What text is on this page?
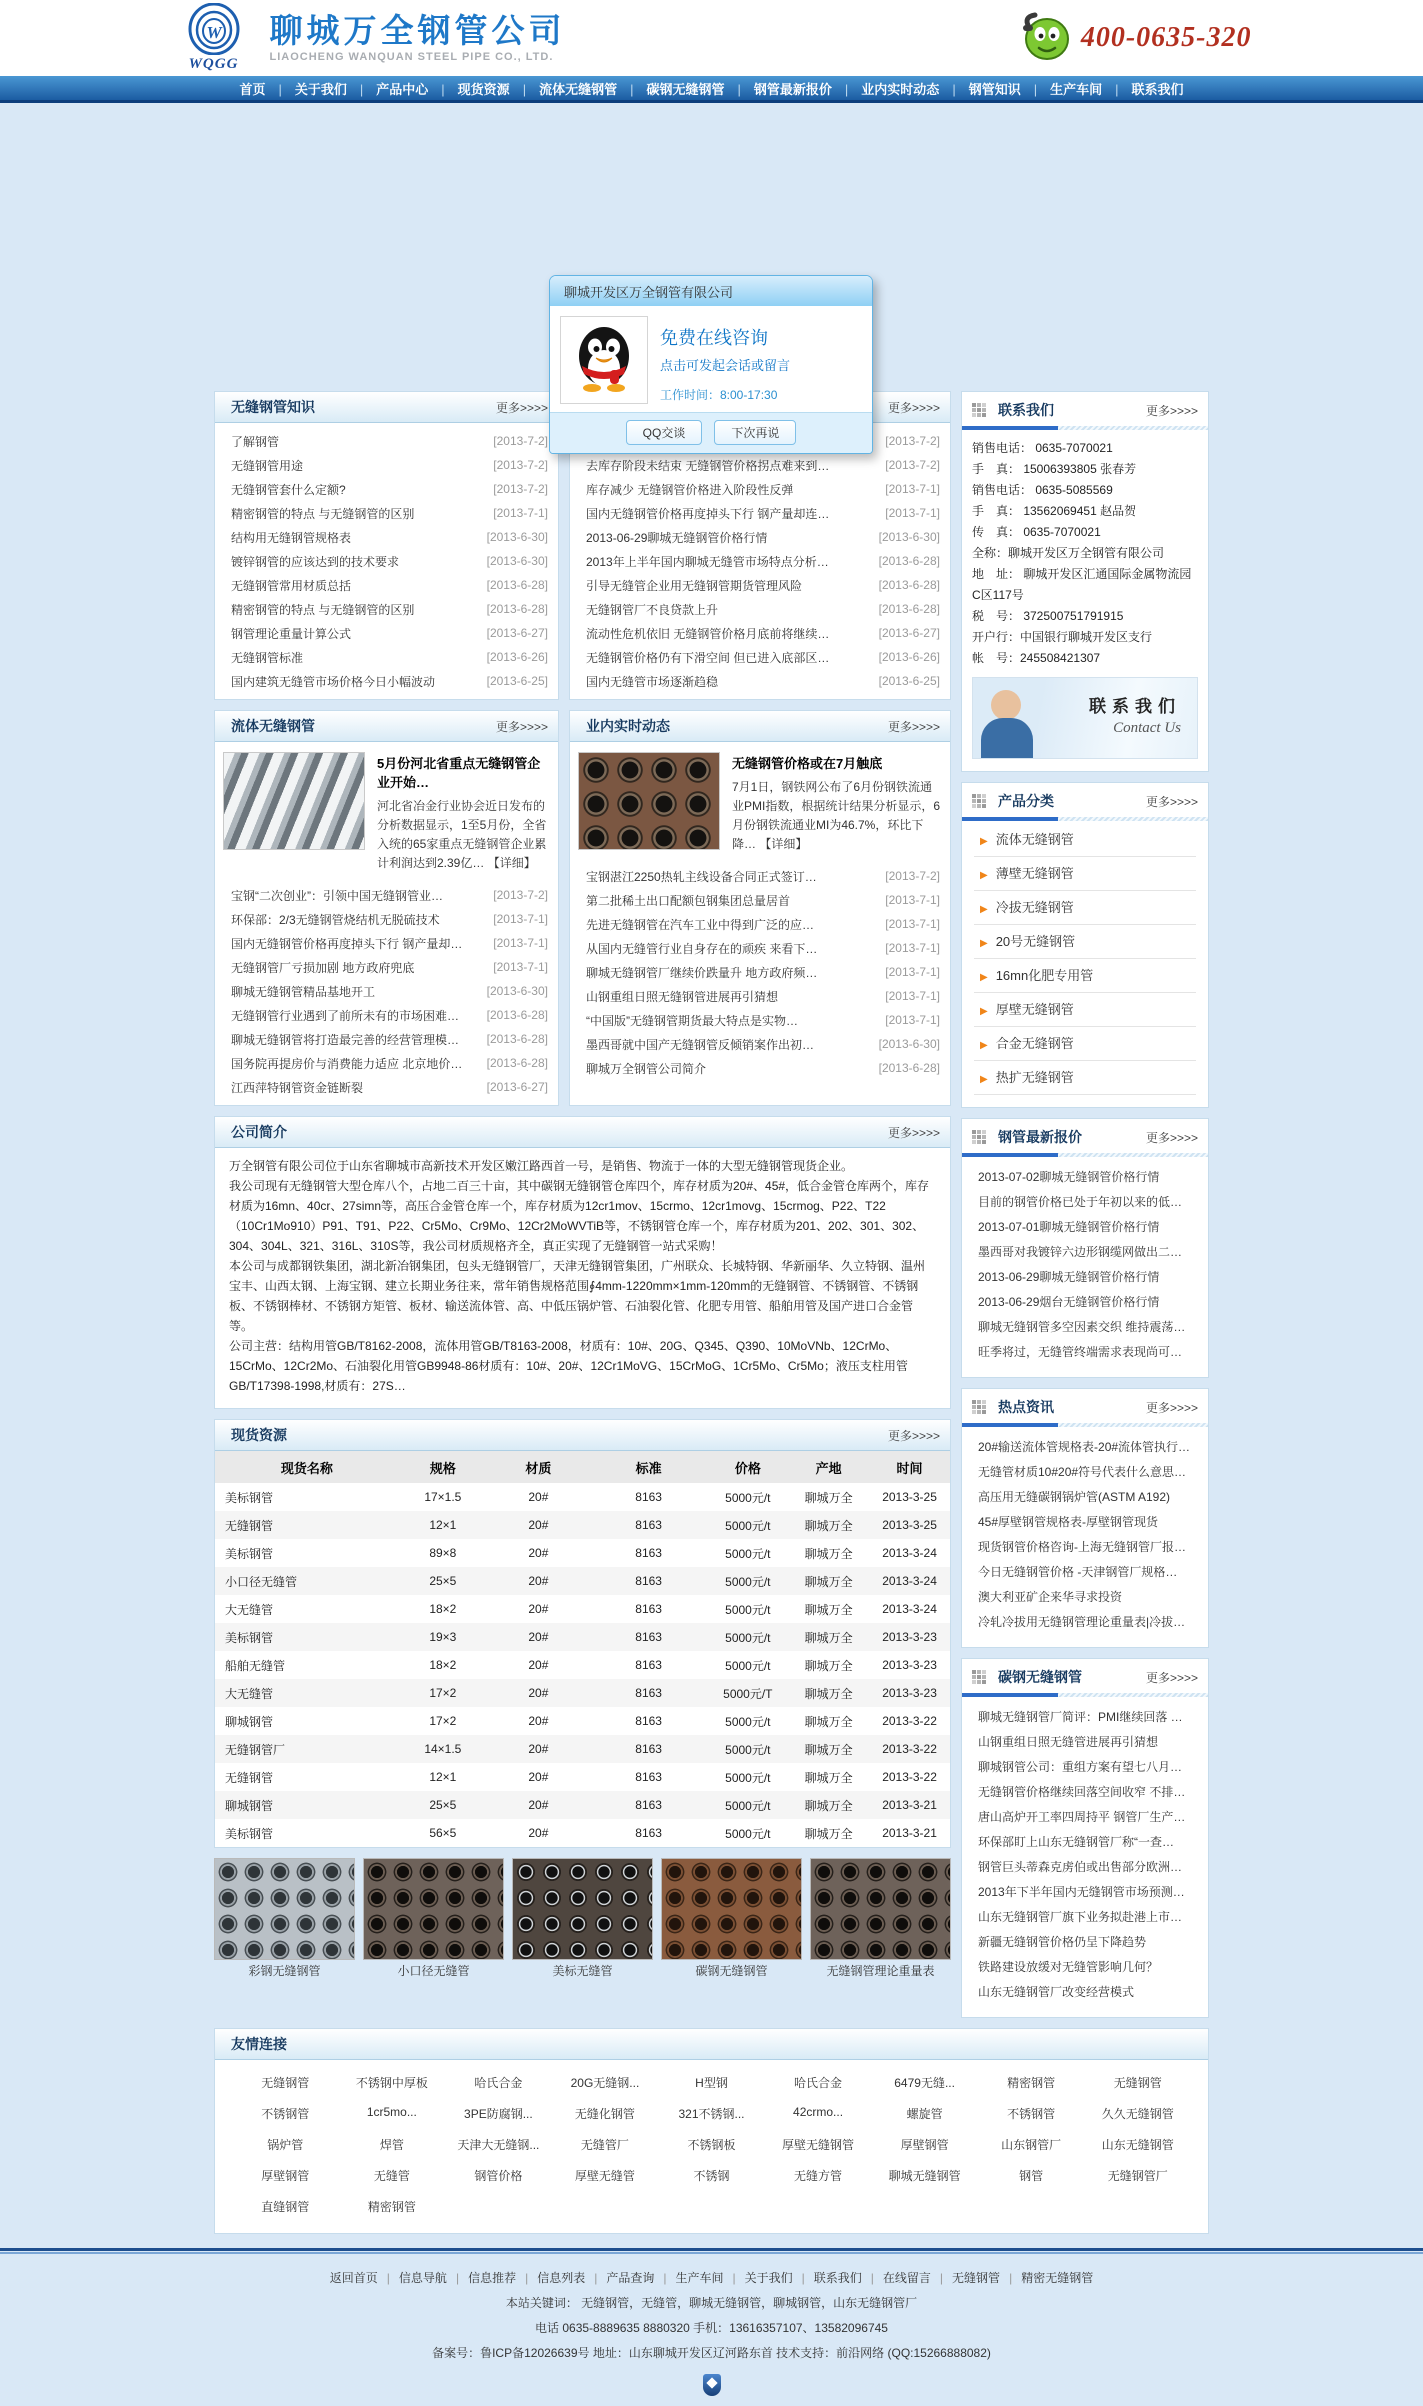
W
WQGG
聊城万全钢管公司
LIAOCHENG WANQUAN STEEL PIPE CO., LTD.
400-0635-320
首页	| 关于我们	| 产品中心	| 现货资源	| 流体无缝钢管	| 碳钢无缝钢管	| 钢管最新报价	| 业内实时动态	| 钢管知识	| 生产车间	| 联系我们
无缝钢管知识	更多>>>>
了解钢管	[2013-7-2]
无缝钢管用途	[2013-7-2]
无缝钢管套什么定额?	[2013-7-2]
精密钢管的特点 与无缝钢管的区别	[2013-7-1]
结构用无缝钢管规格表	[2013-6-30]
镀锌钢管的应该达到的技术要求	[2013-6-30]
无缝钢管常用材质总括	[2013-6-28]
精密钢管的特点 与无缝钢管的区别	[2013-6-28]
钢管理论重量计算公式	[2013-6-27]
无缝钢管标准	[2013-6-26]
国内建筑无缝管市场价格今日小幅波动	[2013-6-25]
更多>>>>
[2013-7-2]
去库存阶段未结束 无缝钢管价格拐点难来到…	[2013-7-2]
库存减少 无缝钢管价格进入阶段性反弹	[2013-7-1]
国内无缝钢管价格再度掉头下行 钢产量却连…	[2013-7-1]
2013-06-29聊城无缝钢管价格行情	[2013-6-30]
2013年上半年国内聊城无缝管市场特点分析…	[2013-6-28]
引导无缝管企业用无缝钢管期货管理风险	[2013-6-28]
无缝钢管厂不良贷款上升	[2013-6-28]
流动性危机依旧 无缝钢管价格月底前将继续…	[2013-6-27]
无缝钢管价格仍有下滑空间 但已进入底部区…	[2013-6-26]
国内无缝管市场逐渐趋稳	[2013-6-25]
流体无缝钢管	更多>>>>
5月份河北省重点无缝钢管企业开始…
河北省冶金行业协会近日发布的分析数据显示，1至5月份，全省入统的65家重点无缝钢管企业累计利润达到2.39亿… 【详细】
宝钢“二次创业”：引领中国无缝钢管业…	[2013-7-2]
环保部：2/3无缝钢管烧结机无脱硫技术	[2013-7-1]
国内无缝钢管价格再度掉头下行 钢产量却…	[2013-7-1]
无缝钢管厂亏损加剧 地方政府兜底	[2013-7-1]
聊城无缝钢管精品基地开工	[2013-6-30]
无缝钢管行业遇到了前所未有的市场困难…	[2013-6-28]
聊城无缝钢管将打造最完善的经营管理模…	[2013-6-28]
国务院再提房价与消费能力适应 北京地价…	[2013-6-28]
江西萍特钢管资金链断裂	[2013-6-27]
业内实时动态	更多>>>>
无缝钢管价格或在7月触底
7月1日，钢铁网公布了6月份钢铁流通业PMI指数，根据统计结果分析显示，6月份钢铁流通业MI为46.7%，环比下降… 【详细】
宝钢湛江2250热轧主线设备合同正式签订…	[2013-7-2]
第二批稀土出口配额包钢集团总量居首	[2013-7-1]
先进无缝钢管在汽车工业中得到广泛的应…	[2013-7-1]
从国内无缝管行业自身存在的顽疾 来看下…	[2013-7-1]
聊城无缝钢管厂继续价跌量升 地方政府频…	[2013-7-1]
山钢重组日照无缝钢管进展再引猜想	[2013-7-1]
“中国版”无缝钢管期货最大特点是实物…	[2013-7-1]
墨西哥就中国产无缝钢管反倾销案作出初…	[2013-6-30]
聊城万全钢管公司简介	[2013-6-28]
公司简介	更多>>>>

万全钢管有限公司位于山东省聊城市高新技术开发区嫩江路西首一号，是销售、物流于一体的大型无缝钢管现货企业。

我公司现有无缝钢管大型仓库八个，占地二百三十亩，其中碳钢无缝钢管仓库四个，库存材质为20#、45#，低合金管仓库两个，库存材质为16mn、40cr、27simn等，高压合金管仓库一个，库存材质为12cr1mov、15crmo、12cr1movg、15crmog、P22、T22（10Cr1Mo910）P91、T91、P22、Cr5Mo、Cr9Mo、12Cr2MoWVTiB等，不锈钢管仓库一个，库存材质为201、202、301、302、304、304L、321、316L、310S等，我公司材质规格齐全，真正实现了无缝钢管一站式采购！

本公司与成都钢铁集团，湖北新冶钢集团，包头无缝钢管厂，天津无缝钢管集团，广州联众、长城特钢、华新丽华、久立特钢、温州宝丰、山西太钢、上海宝钢、建立长期业务往来，常年销售规格范围∮4mm-1220mm×1mm-120mm的无缝钢管、不锈钢管、不锈钢板、不锈钢棒材、不锈钢方矩管、板材、输送流体管、高、中低压锅炉管、石油裂化管、化肥专用管、船舶用管及国产进口合金管等。

公司主营：结构用管GB/T8162-2008，流体用管GB/T8163-2008，材质有：10#、20G、Q345、Q390、10MoVNb、12CrMo、15CrMo、12Cr2Mo、石油裂化用管GB9948-86材质有：10#、20#、12Cr1MoVG、15CrMoG、1Cr5Mo、Cr5Mo；液压支柱用管GB/T17398-1998,材质有：27S…

现货资源	更多>>>>
现货名称	规格	材质	标准	价格	产地	时间
美标钢管	17×1.5	20#	8163	5000元/t	聊城万全	2013-3-25
无缝钢管	12×1	20#	8163	5000元/t	聊城万全	2013-3-25
美标钢管	89×8	20#	8163	5000元/t	聊城万全	2013-3-24
小口径无缝管	25×5	20#	8163	5000元/t	聊城万全	2013-3-24
大无缝管	18×2	20#	8163	5000元/t	聊城万全	2013-3-24
美标钢管	19×3	20#	8163	5000元/t	聊城万全	2013-3-23
船舶无缝管	18×2	20#	8163	5000元/t	聊城万全	2013-3-23
大无缝管	17×2	20#	8163	5000元/T	聊城万全	2013-3-23
聊城钢管	17×2	20#	8163	5000元/t	聊城万全	2013-3-22
无缝钢管厂	14×1.5	20#	8163	5000元/t	聊城万全	2013-3-22
无缝钢管	12×1	20#	8163	5000元/t	聊城万全	2013-3-22
聊城钢管	25×5	20#	8163	5000元/t	聊城万全	2013-3-21
美标钢管	56×5	20#	8163	5000元/t	聊城万全	2013-3-21
彩钢无缝钢管	小口径无缝管	美标无缝管	碳钢无缝钢管	无缝钢管理论重量表
联系我们	更多>>>>
销售电话： 0635-7070021
手　真： 15006393805 张春芳
销售电话： 0635-5085569
手　真： 13562069451 赵品贺
传　真： 0635-7070021
全称：聊城开发区万全钢管有限公司
地　址： 聊城开发区汇通国际金属物流园C区117号
税　号： 372500751791915
开户行：中国银行聊城开发区支行
帐　号：245508421307
联系我们
Contact Us
产品分类	更多>>>>
▶ 流体无缝钢管
▶ 薄壁无缝钢管
▶ 冷拔无缝钢管
▶ 20号无缝钢管
▶ 16mn化肥专用管
▶ 厚壁无缝钢管
▶ 合金无缝钢管
▶ 热扩无缝钢管
钢管最新报价	更多>>>>
2013-07-02聊城无缝钢管价格行情
目前的钢管价格已处于年初以来的低…
2013-07-01聊城无缝钢管价格行情
墨西哥对我镀锌六边形钢缆网做出二…
2013-06-29聊城无缝钢管价格行情
2013-06-29烟台无缝钢管价格行情
聊城无缝钢管多空因素交织 维持震荡…
旺季将过，无缝管终端需求表现尚可…
热点资讯	更多>>>>
20#输送流体管规格表-20#流体管执行…
无缝管材质10#20#符号代表什么意思…
高压用无缝碳钢锅炉管(ASTM A192)
45#厚壁钢管规格表-厚壁钢管现货
现货钢管价格咨询-上海无缝钢管厂报…
今日无缝钢管价格 -天津钢管厂规格…
澳大利亚矿企来华寻求投资
冷轧冷拔用无缝钢管理论重量表|冷拔…
碳钢无缝钢管	更多>>>>
聊城无缝钢管厂简评：PMI继续回落 …
山钢重组日照无缝管进展再引猜想
聊城钢管公司：重组方案有望七八月…
无缝钢管价格继续回落空间收窄 不排…
唐山高炉开工率四周持平 钢管厂生产…
环保部盯上山东无缝钢管厂称“一查…
钢管巨头蒂森克虏伯或出售部分欧洲…
2013年下半年国内无缝钢管市场预测…
山东无缝钢管厂旗下业务拟赴港上市…
新疆无缝钢管价格仍呈下降趋势
铁路建设放缓对无缝管影响几何？
山东无缝钢管厂改变经营模式
友情连接
无缝钢管	不锈钢中厚板	哈氏合金	20G无缝钢...	H型钢	哈氏合金	6479无缝...	精密钢管	无缝钢管
不锈钢管	1cr5mo...	3PE防腐钢...	无缝化钢管	321不锈钢...	42crmo...	螺旋管	不锈钢管	久久无缝钢管
锅炉管	焊管	天津大无缝钢...	无缝管厂	不锈钢板	厚壁无缝钢管	厚壁钢管	山东钢管厂	山东无缝钢管
厚壁钢管	无缝管	钢管价格	厚壁无缝管	不锈钢	无缝方管	聊城无缝钢管	钢管	无缝钢管厂
直缝钢管	精密钢管
返回首页 | 信息导航 | 信息推荐 | 信息列表 | 产品查询 | 生产车间 | 关于我们 | 联系我们 | 在线留言 | 无缝钢管 | 精密无缝钢管
本站关键词： 无缝钢管，无缝管，聊城无缝钢管，聊城钢管，山东无缝钢管厂
电话 0635-8889635 8880320 手机：13616357107、13582096745
备案号：鲁ICP备12026639号 地址：山东聊城开发区辽河路东首 技术支持：前沿网络 (QQ:15266888082)
聊城开发区万全钢管有限公司
免费在线咨询
点击可发起会话或留言
工作时间：8:00-17:30
QQ交谈	下次再说
